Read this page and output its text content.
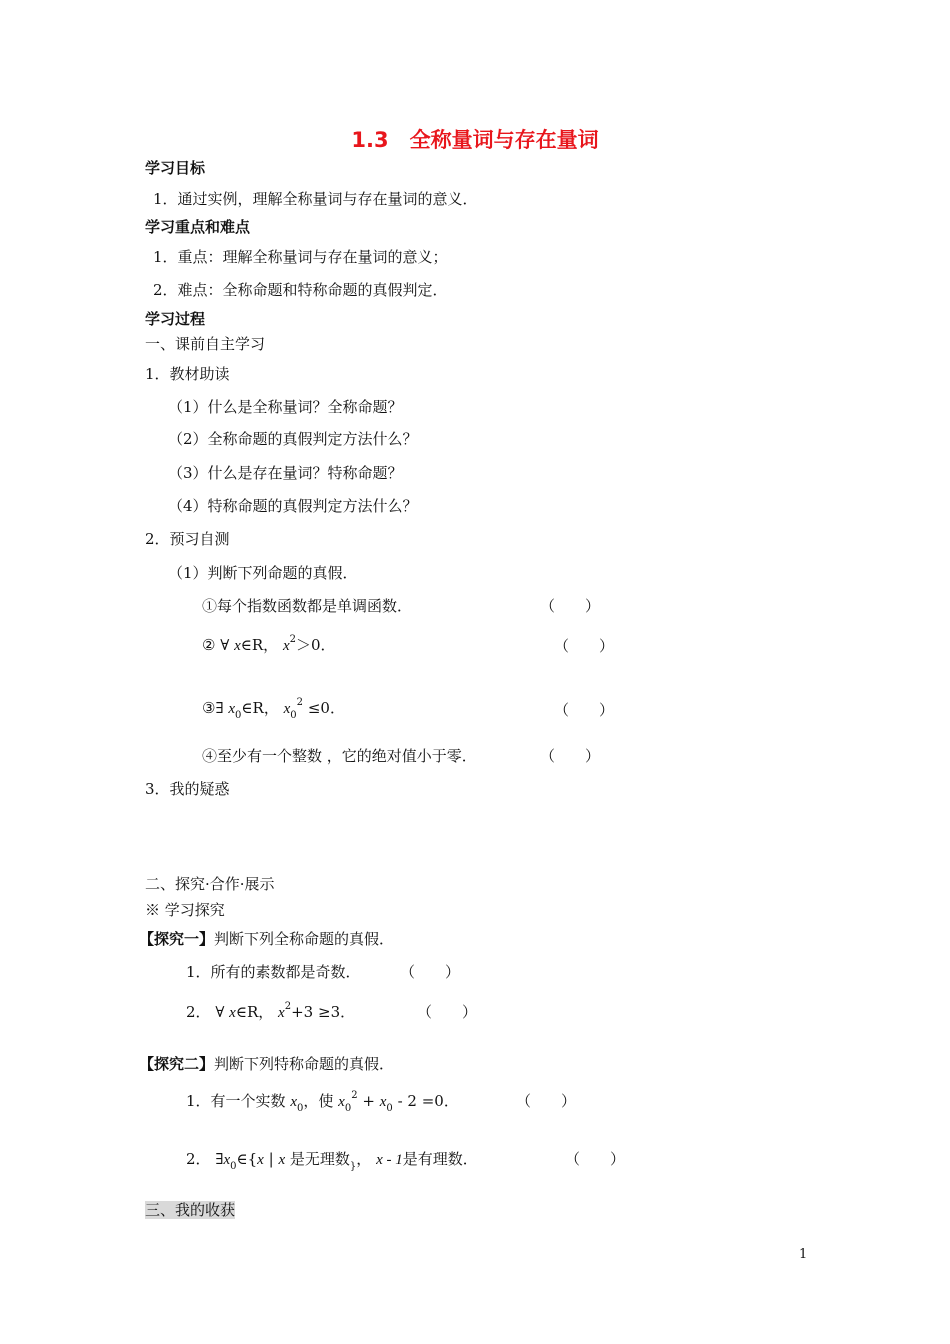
1.3　全称量词与存在量词
学习目标
1．通过实例，理解全称量词与存在量词的意义．
学习重点和难点
1．重点：理解全称量词与存在量词的意义；
2．难点：全称命题和特称命题的真假判定．
学习过程
一、课前自主学习
1．教材助读
（1）什么是全称量词？全称命题？
（2）全称命题的真假判定方法什么？
（3）什么是存在量词？特称命题？
（4）特称命题的真假判定方法什么？
2．预习自测
（1）判断下列命题的真假．
①每个指数函数都是单调函数．	（　　）
② ∀ x∈R， $x^2>0$．	（　　）
③∃ $x_0\in R$， $x_0^2 \le 0$．	（　　）
④至少有一个整数 ，它的绝对值小于零．	（　　）
3．我的疑惑
二、探究·合作·展示
※ 学习探究
【探究一】判断下列全称命题的真假．
1．所有的素数都是奇数．	（　　）
2． ∀ x∈R， $x^2+3 \ge 3$．	（　　）
【探究二】判断下列特称命题的真假．
1．有一个实数 $x_0$，使 $x_0^2 + x_0 - 2 =0$．	（　　）
2． $\exists x_0\in\{x$ | x 是无理数$_{\}}$， x - 1是有理数．	（　　）
三、我的收获
1
